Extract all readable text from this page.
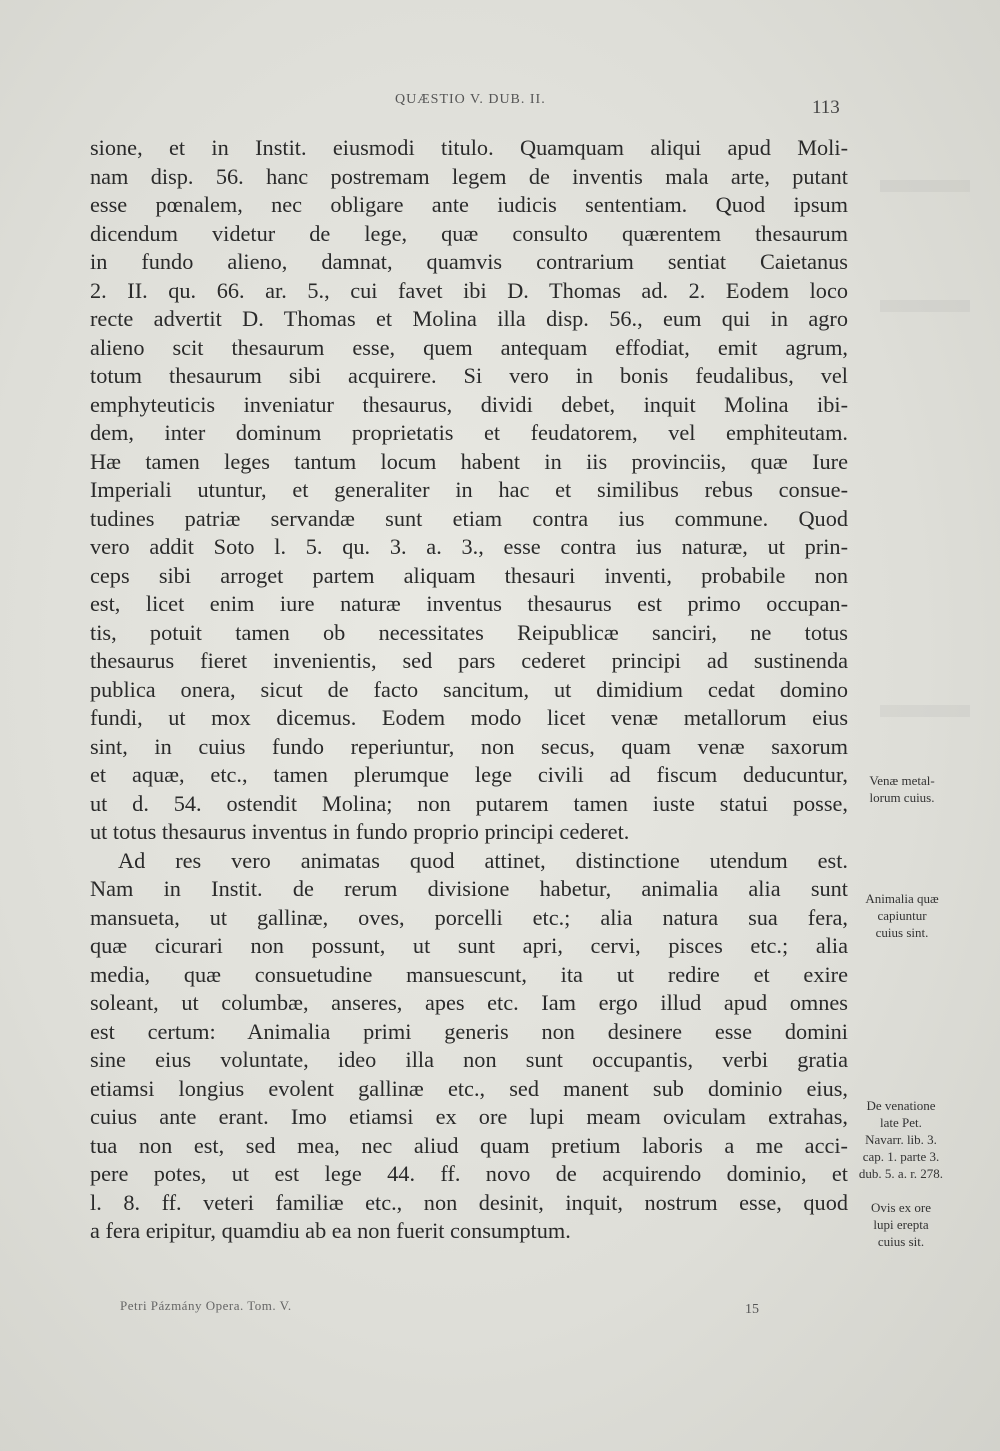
QUÆSTIO V. DUB. II.	113
sione, et in Instit. eiusmodi titulo. Quamquam aliqui apud Moli-
nam disp. 56. hanc postremam legem de inventis mala arte, putant
esse pœnalem, nec obligare ante iudicis sententiam. Quod ipsum
dicendum videtur de lege, quæ consulto quærentem thesaurum
in fundo alieno, damnat, quamvis contrarium sentiat Caietanus
2. II. qu. 66. ar. 5., cui favet ibi D. Thomas ad. 2. Eodem loco
recte advertit D. Thomas et Molina illa disp. 56., eum qui in agro
alieno scit thesaurum esse, quem antequam effodiat, emit agrum,
totum thesaurum sibi acquirere. Si vero in bonis feudalibus, vel
emphyteuticis inveniatur thesaurus, dividi debet, inquit Molina ibi-
dem, inter dominum proprietatis et feudatorem, vel emphiteutam.
Hæ tamen leges tantum locum habent in iis provinciis, quæ Iure
Imperiali utuntur, et generaliter in hac et similibus rebus consue-
tudines patriæ servandæ sunt etiam contra ius commune. Quod
vero addit Soto l. 5. qu. 3. a. 3., esse contra ius naturæ, ut prin-
ceps sibi arroget partem aliquam thesauri inventi, probabile non
est, licet enim iure naturæ inventus thesaurus est primo occupan-
tis, potuit tamen ob necessitates Reipublicæ sanciri, ne totus
thesaurus fieret invenientis, sed pars cederet principi ad sustinenda
publica onera, sicut de facto sancitum, ut dimidium cedat domino
fundi, ut mox dicemus. Eodem modo licet venæ metallorum eius
sint, in cuius fundo reperiuntur, non secus, quam venæ saxorum
et aquæ, etc., tamen plerumque lege civili ad fiscum deducuntur,
ut d. 54. ostendit Molina; non putarem tamen iuste statui posse,
ut totus thesaurus inventus in fundo proprio principi cederet.
Ad res vero animatas quod attinet, distinctione utendum est.
Nam in Instit. de rerum divisione habetur, animalia alia sunt
mansueta, ut gallinæ, oves, porcelli etc.; alia natura sua fera,
quæ cicurari non possunt, ut sunt apri, cervi, pisces etc.; alia
media, quæ consuetudine mansuescunt, ita ut redire et exire
soleant, ut columbæ, anseres, apes etc. Iam ergo illud apud omnes
est certum: Animalia primi generis non desinere esse domini
sine eius voluntate, ideo illa non sunt occupantis, verbi gratia
etiamsi longius evolent gallinæ etc., sed manent sub dominio eius,
cuius ante erant. Imo etiamsi ex ore lupi meam oviculam extrahas,
tua non est, sed mea, nec aliud quam pretium laboris a me acci-
pere potes, ut est lege 44. ff. novo de acquirendo dominio, et
l. 8. ff. veteri familiæ etc., non desinit, inquit, nostrum esse, quod
a fera eripitur, quamdiu ab ea non fuerit consumptum.
Venæ metal-
lorum cuius.
Animalia quæ
capiuntur
cuius sint.
De venatione
late Pet.
Navarr. lib. 3.
cap. 1. parte 3.
dub. 5. a. r. 278.
Ovis ex ore
lupi erepta
cuius sit.
Petri Pázmány Opera. Tom. V.	15
